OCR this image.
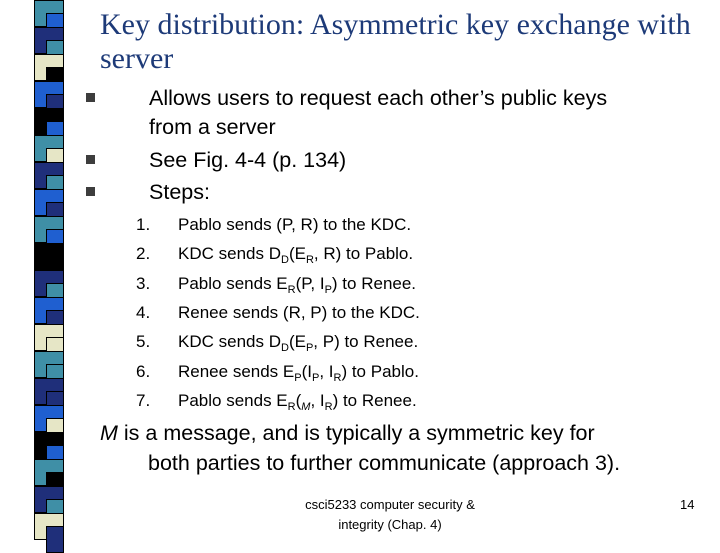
Key distribution: Asymmetric key exchange with server
Allows users to request each other’s public keys
from a server
See Fig. 4-4 (p. 134)
Steps:
1. Pablo sends (P, R) to the KDC.
2. KDC sends $D_D(E_R$, R) to Pablo.
3. Pablo sends $E_R(P$, $I_P$) to Renee.
4. Renee sends (R, P) to the KDC.
5. KDC sends $D_D(E_P$, P) to Renee.
6. Renee sends $E_P(I_P$, $I_R$) to Pablo.
7. Pablo sends $E_R(_M$, $I_R$) to Renee.
M is a message, and is typically a symmetric key for
both parties to further communicate (approach 3).
csci5233 computer security &
integrity (Chap. 4)
14
